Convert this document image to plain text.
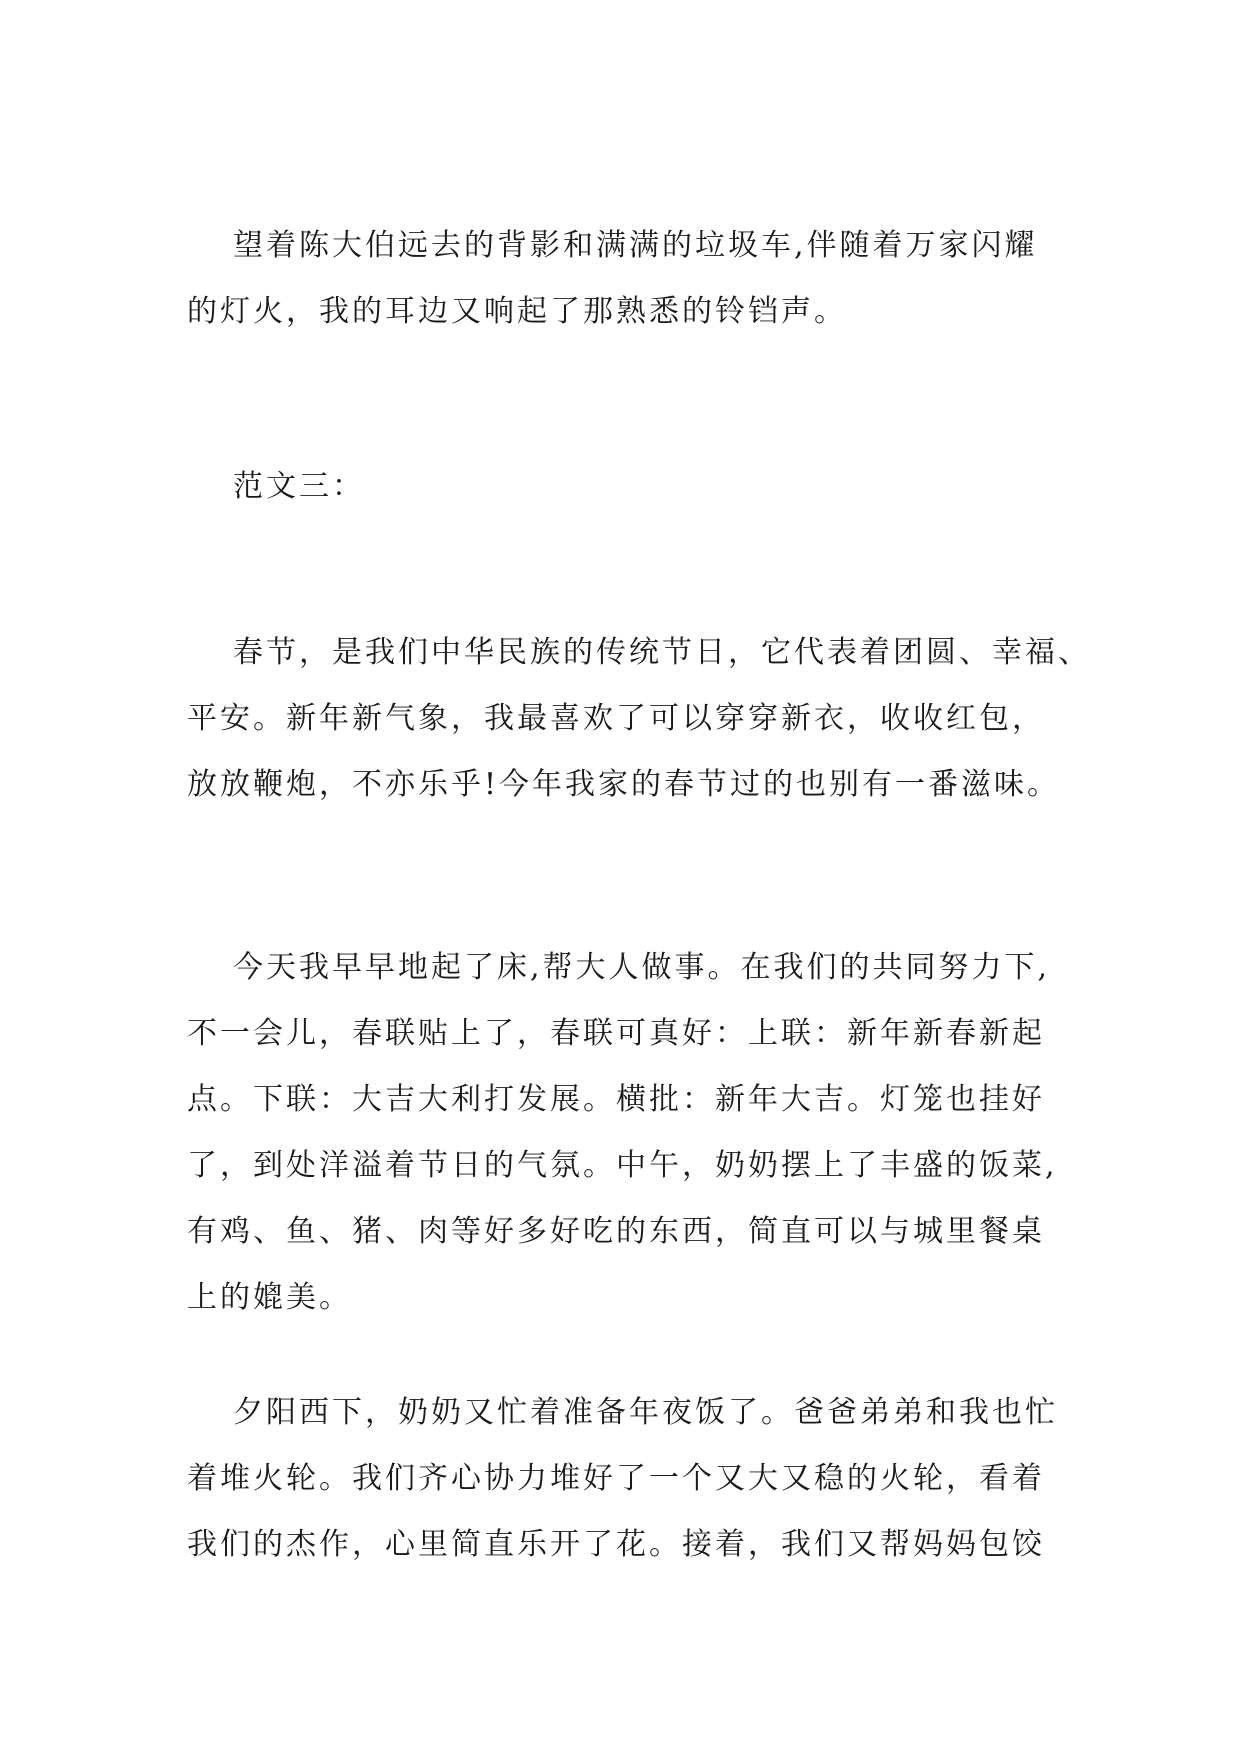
望着陈大伯远去的背影和满满的垃圾车,伴随着万家闪耀
的灯火，我的耳边又响起了那熟悉的铃铛声。
范文三：
春节，是我们中华民族的传统节日，它代表着团圆、幸福、
平安。新年新气象，我最喜欢了可以穿穿新衣，收收红包，
放放鞭炮，不亦乐乎!今年我家的春节过的也别有一番滋味。
今天我早早地起了床,帮大人做事。在我们的共同努力下,
不一会儿，春联贴上了，春联可真好：上联：新年新春新起
点。下联：大吉大利打发展。横批：新年大吉。灯笼也挂好
了，到处洋溢着节日的气氛。中午，奶奶摆上了丰盛的饭菜,
有鸡、鱼、猪、肉等好多好吃的东西，简直可以与城里餐桌
上的媲美。
夕阳西下，奶奶又忙着准备年夜饭了。爸爸弟弟和我也忙
着堆火轮。我们齐心协力堆好了一个又大又稳的火轮，看着
我们的杰作，心里简直乐开了花。接着，我们又帮妈妈包饺
